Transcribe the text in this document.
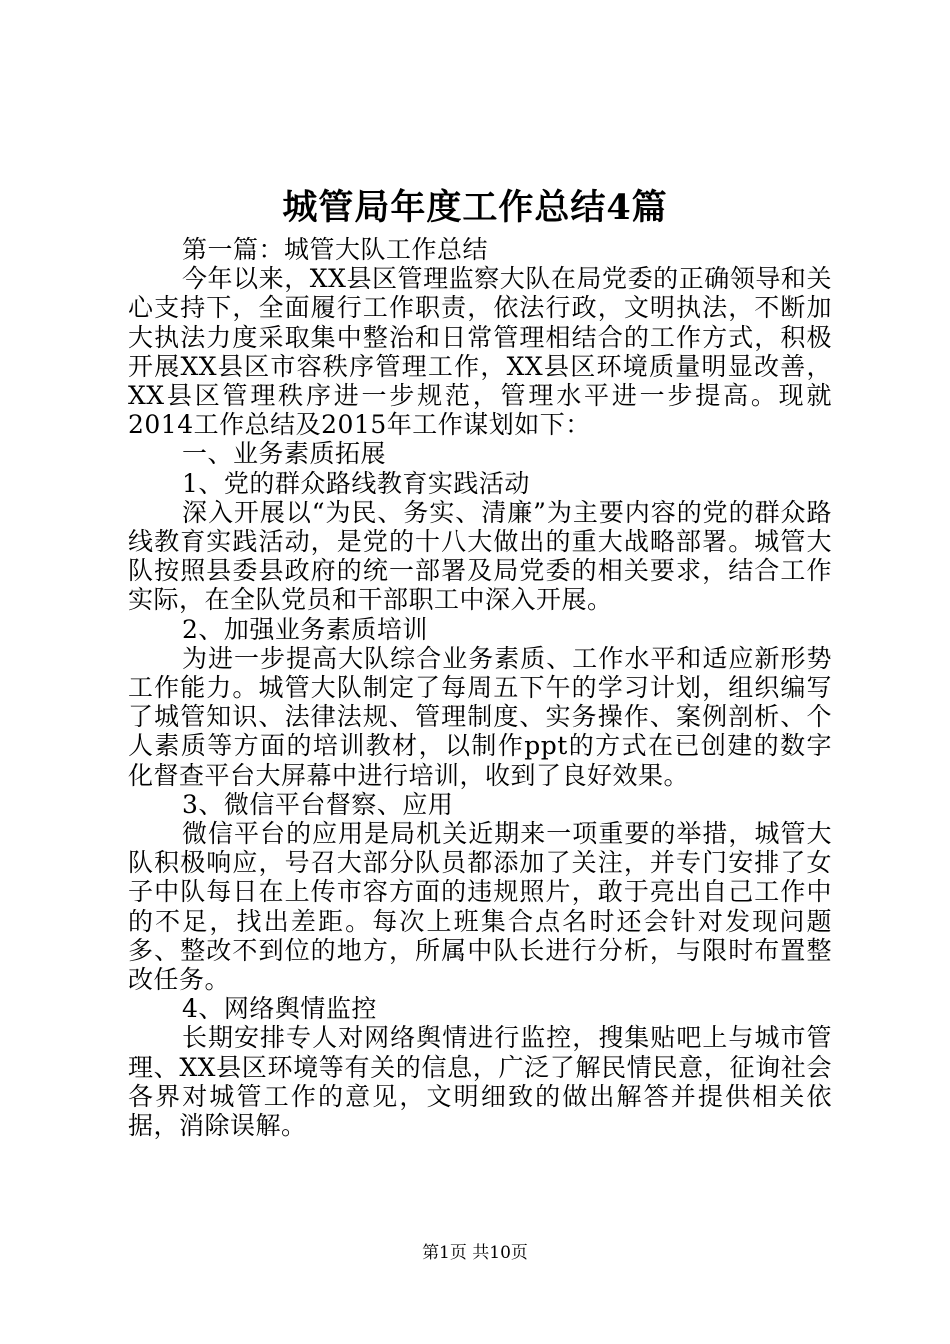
城管局年度工作总结4篇

第一篇：城管大队工作总结

今年以来，XX县区管理监察大队在局党委的正确领导和关心支持下，全面履行工作职责，依法行政，文明执法，不断加大执法力度采取集中整治和日常管理相结合的工作方式，积极开展XX县区市容秩序管理工作，XX县区环境质量明显改善，XX县区管理秩序进一步规范，管理水平进一步提高。现就2014工作总结及2015年工作谋划如下：

一、业务素质拓展

1、党的群众路线教育实践活动

深入开展以“为民、务实、清廉”为主要内容的党的群众路线教育实践活动，是党的十八大做出的重大战略部署。城管大队按照县委县政府的统一部署及局党委的相关要求，结合工作实际，在全队党员和干部职工中深入开展。

2、加强业务素质培训

为进一步提高大队综合业务素质、工作水平和适应新形势工作能力。城管大队制定了每周五下午的学习计划，组织编写了城管知识、法律法规、管理制度、实务操作、案例剖析、个人素质等方面的培训教材，以制作ppt的方式在已创建的数字化督查平台大屏幕中进行培训，收到了良好效果。

3、微信平台督察、应用

微信平台的应用是局机关近期来一项重要的举措，城管大队积极响应，号召大部分队员都添加了关注，并专门安排了女子中队每日在上传市容方面的违规照片，敢于亮出自己工作中的不足，找出差距。每次上班集合点名时还会针对发现问题多、整改不到位的地方，所属中队长进行分析，与限时布置整改任务。

4、网络舆情监控

长期安排专人对网络舆情进行监控，搜集贴吧上与城市管理、XX县区环境等有关的信息，广泛了解民情民意，征询社会各界对城管工作的意见，文明细致的做出解答并提供相关依据，消除误解。

第1页 共10页
